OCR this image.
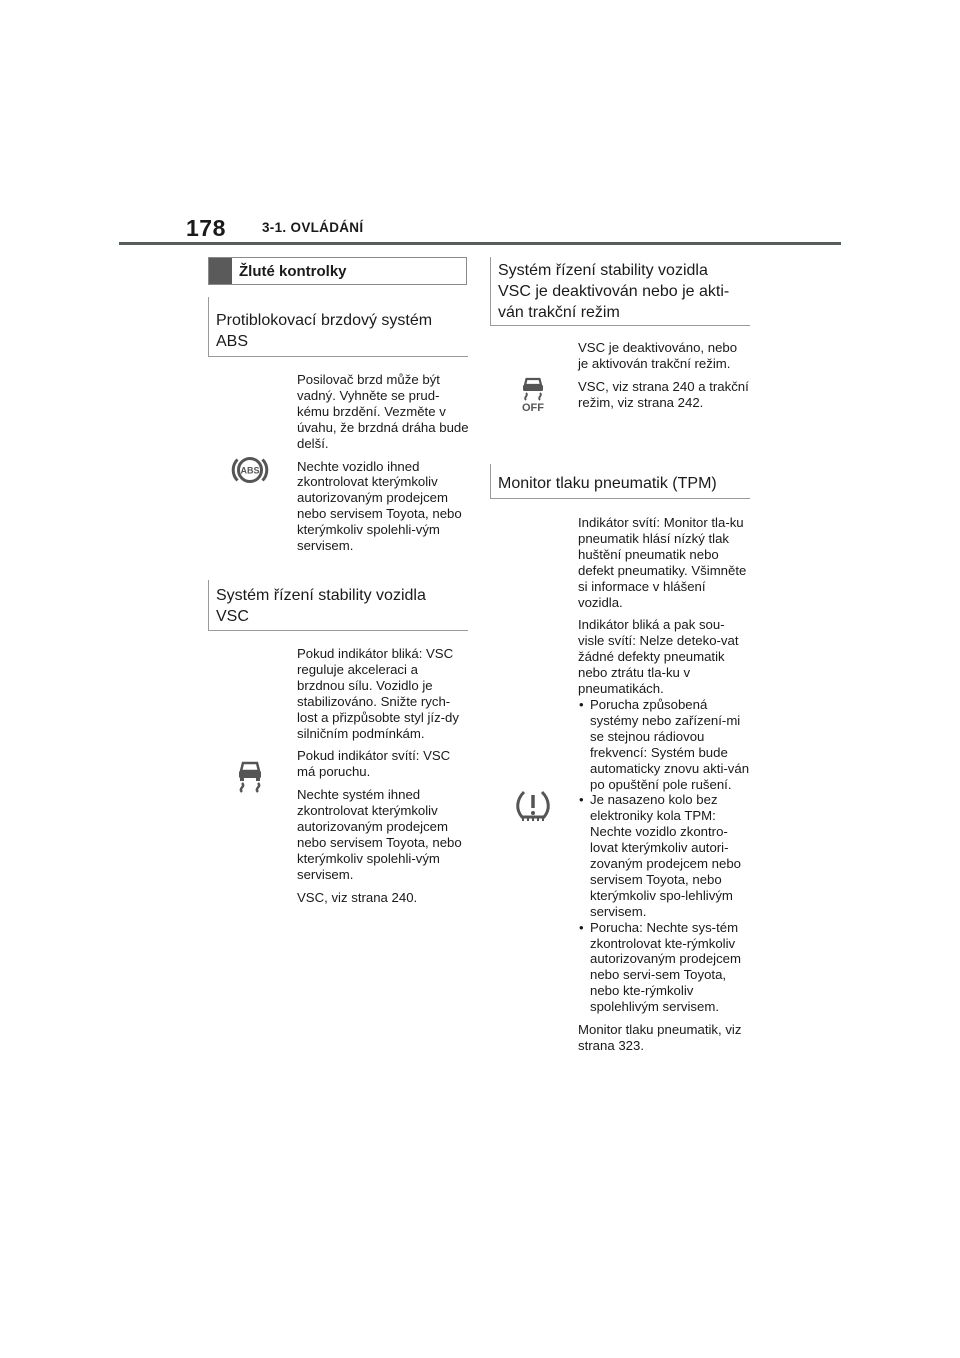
178	3-1. OVLÁDÁNÍ
Žluté kontrolky
Protiblokovací brzdový systém ABS
ABS

Posilovač brzd může být vadný. Vyhněte se prud-kému brzdění. Vezměte v úvahu, že brzdná dráha bude delší.

Nechte vozidlo ihned zkontrolovat kterýmkoliv autorizovaným prodejcem nebo servisem Toyota, nebo kterýmkoliv spolehli-vým servisem.

Systém řízení stability vozidla VSC

Pokud indikátor bliká: VSC reguluje akceleraci a brzdnou sílu. Vozidlo je stabilizováno. Snižte rych-lost a přizpůsobte styl jíz-dy silničním podmínkám.

Pokud indikátor svítí: VSC má poruchu.

Nechte systém ihned zkontrolovat kterýmkoliv autorizovaným prodejcem nebo servisem Toyota, nebo kterýmkoliv spolehli-vým servisem.

VSC, viz strana 240.

Systém řízení stability vozidla VSC je deaktivován nebo je akti-ván trakční režim
OFF

VSC je deaktivováno, nebo je aktivován trakční režim.

VSC, viz strana 240 a trakční režim, viz strana 242.

Monitor tlaku pneumatik (TPM)

Indikátor svítí: Monitor tla-ku pneumatik hlásí nízký tlak huštění pneumatik nebo defekt pneumatiky. Všimněte si informace v hlášení vozidla.

Indikátor bliká a pak sou-visle svítí: Nelze deteko-vat žádné defekty pneumatik nebo ztrátu tla-ku v pneumatikách.

• Porucha způsobená systémy nebo zařízení-mi se stejnou rádiovou frekvencí: Systém bude automaticky znovu akti-ván po opuštění pole rušení.
• Je nasazeno kolo bez elektroniky kola TPM: Nechte vozidlo zkontro-lovat kterýmkoliv autori-zovaným prodejcem nebo servisem Toyota, nebo kterýmkoliv spo-lehlivým servisem.
• Porucha: Nechte sys-tém zkontrolovat kte-rýmkoliv autorizovaným prodejcem nebo servi-sem Toyota, nebo kte-rýmkoliv spolehlivým servisem.

Monitor tlaku pneumatik, viz strana 323.
